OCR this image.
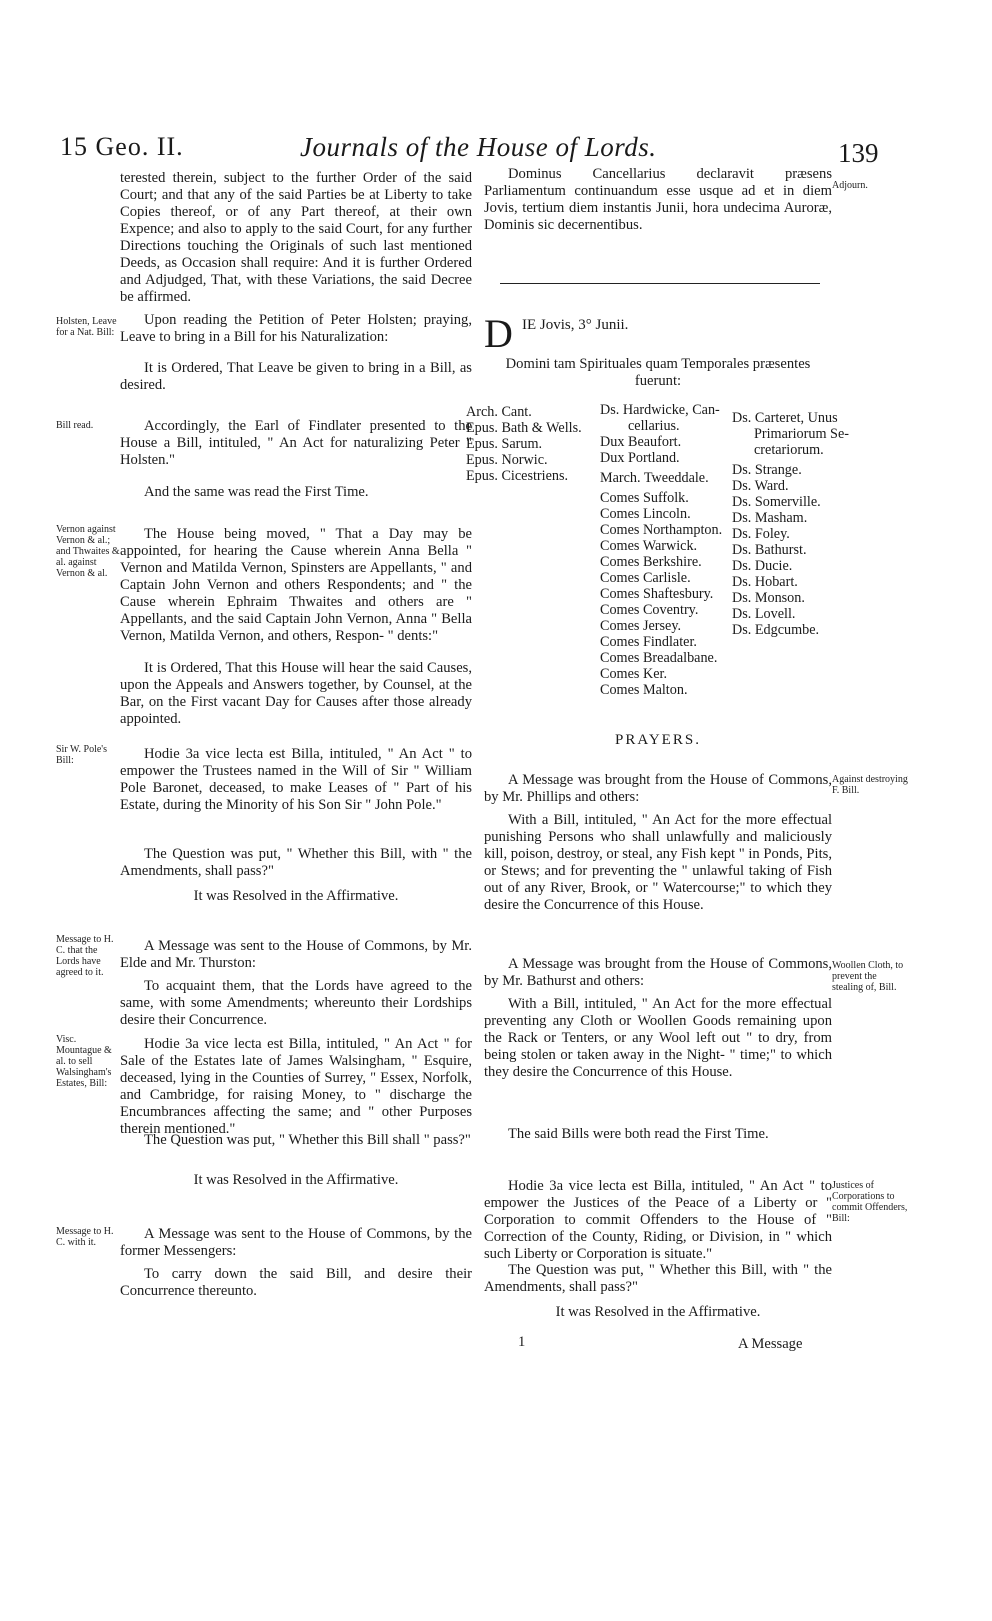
15 Geo. II.	Journals of the House of Lords.	139

terested therein, subject to the further Order of the said Court; and that any of the said Parties be at Liberty to take Copies thereof, or of any Part thereof, at their own Expence; and also to apply to the said Court, for any further Directions touching the Originals of such last mentioned Deeds, as Occasion shall require: And it is further Ordered and Adjudged, That, with these Variations, the said Decree be affirmed.

Upon reading the Petition of Peter Holsten; praying, Leave to bring in a Bill for his Naturalization:

It is Ordered, That Leave be given to bring in a Bill, as desired.

Accordingly, the Earl of Findlater presented to the House a Bill, intituled, " An Act for naturalizing Peter " Holsten."

And the same was read the First Time.

The House being moved, " That a Day may be appointed, for hearing the Cause wherein Anna Bella " Vernon and Matilda Vernon, Spinsters are Appellants, " and Captain John Vernon and others Respondents; and " the Cause wherein Ephraim Thwaites and others are " Appellants, and the said Captain John Vernon, Anna " Bella Vernon, Matilda Vernon, and others, Respon- " dents:"

It is Ordered, That this House will hear the said Causes, upon the Appeals and Answers together, by Counsel, at the Bar, on the First vacant Day for Causes after those already appointed.

Hodie 3a vice lecta est Billa, intituled, " An Act " to empower the Trustees named in the Will of Sir " William Pole Baronet, deceased, to make Leases of " Part of his Estate, during the Minority of his Son Sir " John Pole."

The Question was put, " Whether this Bill, with " the Amendments, shall pass?"

It was Resolved in the Affirmative.

A Message was sent to the House of Commons, by Mr. Elde and Mr. Thurston:

To acquaint them, that the Lords have agreed to the same, with some Amendments; whereunto their Lordships desire their Concurrence.

Hodie 3a vice lecta est Billa, intituled, " An Act " for Sale of the Estates late of James Walsingham, " Esquire, deceased, lying in the Counties of Surrey, " Essex, Norfolk, and Cambridge, for raising Money, to " discharge the Encumbrances affecting the same; and " other Purposes therein mentioned."

The Question was put, " Whether this Bill shall " pass?"

It was Resolved in the Affirmative.

A Message was sent to the House of Commons, by the former Messengers:

To carry down the said Bill, and desire their Concurrence thereunto.

Holsten, Leave for a Nat. Bill:
Bill read.
Vernon against Vernon & al.; and Thwaites & al. against Vernon & al.
Sir W. Pole's Bill:
Message to H. C. that the Lords have agreed to it.
Visc. Mountague & al. to sell Walsingham's Estates, Bill:
Message to H. C. with it.

Dominus Cancellarius declaravit præsens Parliamentum continuandum esse usque ad et in diem Jovis, tertium diem instantis Junii, hora undecima Auroræ, Dominis sic decernentibus.

Domini tam Spirituales quam Temporales præsentes fuerunt:

D IE Jovis, 3° Junii.
Arch. Cant.
Epus. Bath & Wells.
Epus. Sarum.
Epus. Norwic.
Epus. Cicestriens.
Ds. Hardwicke, Can-
cellarius.
Dux Beaufort.
Dux Portland.
March. Tweeddale.
Comes Suffolk.
Comes Lincoln.
Comes Northampton.
Comes Warwick.
Comes Berkshire.
Comes Carlisle.
Comes Shaftesbury.
Comes Coventry.
Comes Jersey.
Comes Findlater.
Comes Breadalbane.
Comes Ker.
Comes Malton.
Ds. Carteret, Unus
Primariorum Se-
cretariorum.
Ds. Strange.
Ds. Ward.
Ds. Somerville.
Ds. Masham.
Ds. Foley.
Ds. Bathurst.
Ds. Ducie.
Ds. Hobart.
Ds. Monson.
Ds. Lovell.
Ds. Edgcumbe.
PRAYERS.

A Message was brought from the House of Commons, by Mr. Phillips and others:

With a Bill, intituled, " An Act for the more effectual punishing Persons who shall unlawfully and maliciously kill, poison, destroy, or steal, any Fish kept " in Ponds, Pits, or Stews; and for preventing the " unlawful taking of Fish out of any River, Brook, or " Watercourse;" to which they desire the Concurrence of this House.

A Message was brought from the House of Commons, by Mr. Bathurst and others:

With a Bill, intituled, " An Act for the more effectual preventing any Cloth or Woollen Goods remaining upon the Rack or Tenters, or any Wool left out " to dry, from being stolen or taken away in the Night- " time;" to which they desire the Concurrence of this House.

The said Bills were both read the First Time.

Hodie 3a vice lecta est Billa, intituled, " An Act " to empower the Justices of the Peace of a Liberty or " Corporation to commit Offenders to the House of " Correction of the County, Riding, or Division, in " which such Liberty or Corporation is situate."

The Question was put, " Whether this Bill, with " the Amendments, shall pass?"

It was Resolved in the Affirmative.

Adjourn.
Against destroying F. Bill.
Woollen Cloth, to prevent the stealing of, Bill.
Justices of Corporations to commit Offenders, Bill:
1	A Message
